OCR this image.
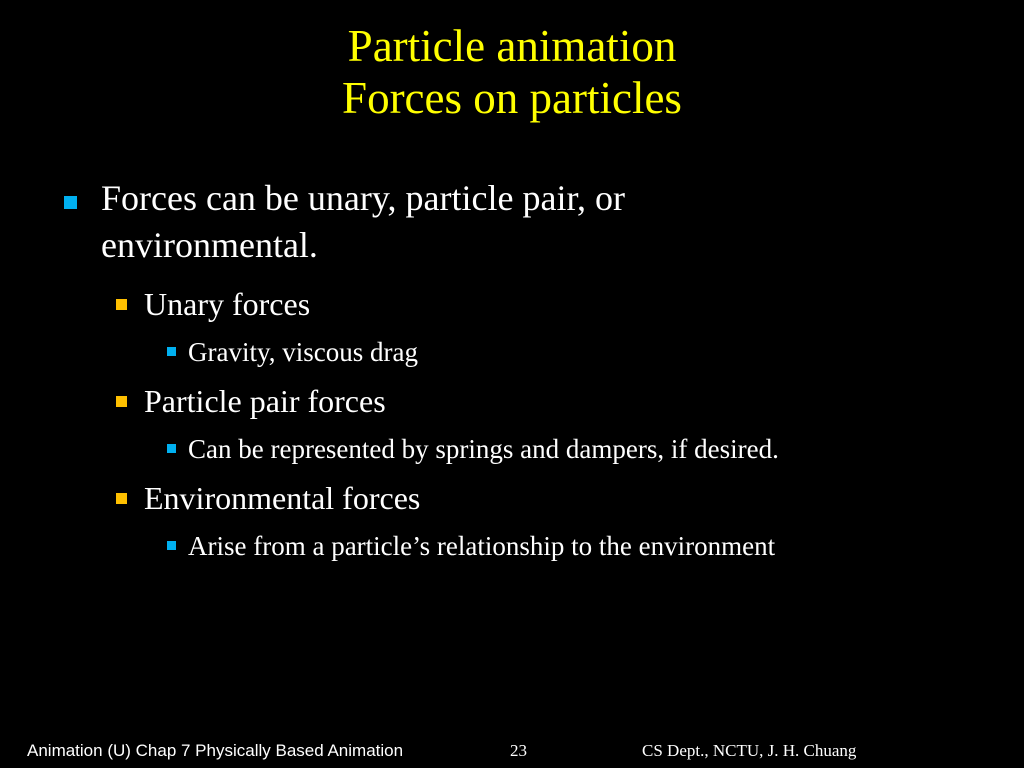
Particle animation
Forces on particles
Forces can be unary, particle pair, or environmental.
Unary forces
Gravity, viscous drag
Particle pair forces
Can be represented by springs and dampers, if desired.
Environmental forces
Arise from a particle’s relationship to the environment
Animation (U) Chap 7 Physically Based Animation	23	CS Dept., NCTU, J. H. Chuang
